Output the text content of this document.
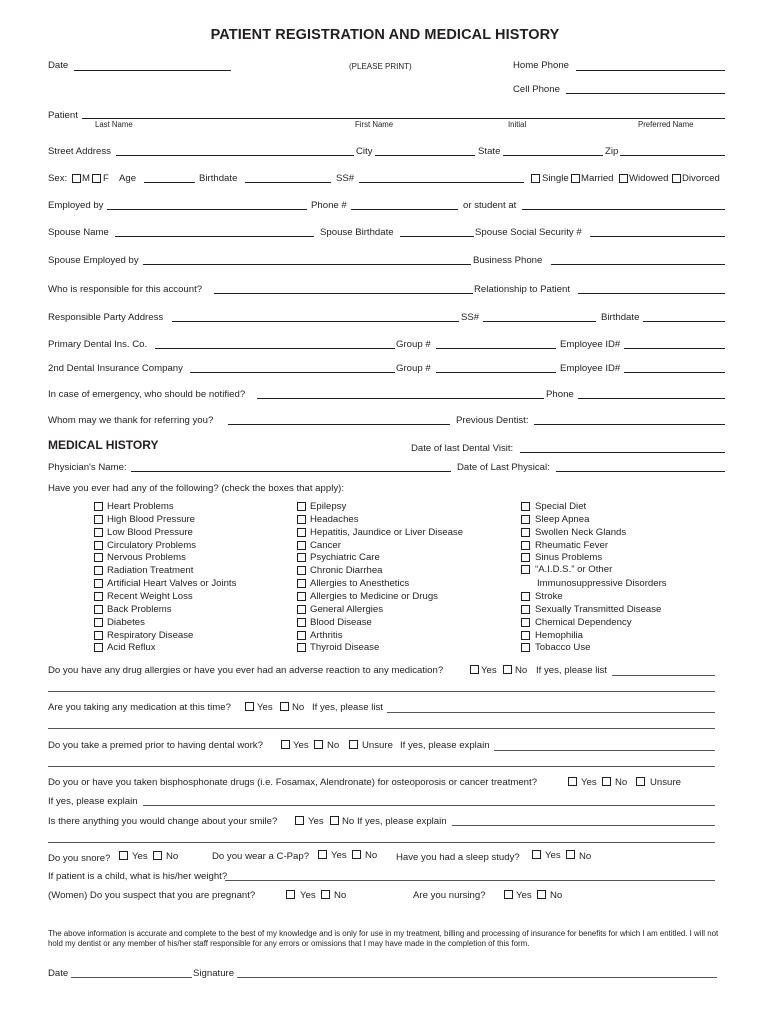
PATIENT REGISTRATION AND MEDICAL HISTORY
Date	(PLEASE PRINT)	Home Phone
Cell Phone
Patient
Last Name	First Name	Initial	Preferred Name
Street Address	City	State	Zip
Sex: M F Age	Birthdate	SS#	Single Married Widowed Divorced
Employed by	Phone #	or student at
Spouse Name	Spouse Birthdate	Spouse Social Security #
Spouse Employed by	Business Phone
Who is responsible for this account?	Relationship to Patient
Responsible Party Address	SS#	Birthdate
Primary Dental Ins. Co.	Group #	Employee ID#
2nd Dental Insurance Company	Group #	Employee ID#
In case of emergency, who should be notified?	Phone
Whom may we thank for referring you?	Previous Dentist:
MEDICAL HISTORY	Date of last Dental Visit:
Physician's Name:	Date of Last Physical:
Have you ever had any of the following? (check the boxes that apply):
Heart Problems
High Blood Pressure
Low Blood Pressure
Circulatory Problems
Nervous Problems
Radiation Treatment
Artificial Heart Valves or Joints
Recent Weight Loss
Back Problems
Diabetes
Respiratory Disease
Acid Reflux
Epilepsy
Headaches
Hepatitis, Jaundice or Liver Disease
Cancer
Psychiatric Care
Chronic Diarrhea
Allergies to Anesthetics
Allergies to Medicine or Drugs
General Allergies
Blood Disease
Arthritis
Thyroid Disease
Special Diet
Sleep Apnea
Swollen Neck Glands
Rheumatic Fever
Sinus Problems
“A.I.D.S.” or Other
Immunosuppressive Disorders
Stroke
Sexually Transmitted Disease
Chemical Dependency
Hemophilia
Tobacco Use
Do you have any drug allergies or have you ever had an adverse reaction to any medication?	Yes No If yes, please list
Are you taking any medication at this time?	Yes No If yes, please list
Do you take a premed prior to having dental work?	Yes No Unsure If yes, please explain
Do you or have you taken bisphosphonate drugs (i.e. Fosamax, Alendronate) for osteoporosis or cancer treatment?	Yes No Unsure
If yes, please explain
Is there anything you would change about your smile?	Yes No If yes, please explain
Do you snore? Yes No	Do you wear a C-Pap? Yes No Have you had a sleep study?	Yes No
If patient is a child, what is his/her weight?
(Women) Do you suspect that you are pregnant?	Yes No	Are you nursing?	Yes No
The above information is accurate and complete to the best of my knowledge and is only for use in my treatment, billing and processing of insurance for benefits for which I am entitled. I will not hold my dentist or any member of his/her staff responsible for any errors or omissions that I may have made in the completion of this form.
Date	Signature
